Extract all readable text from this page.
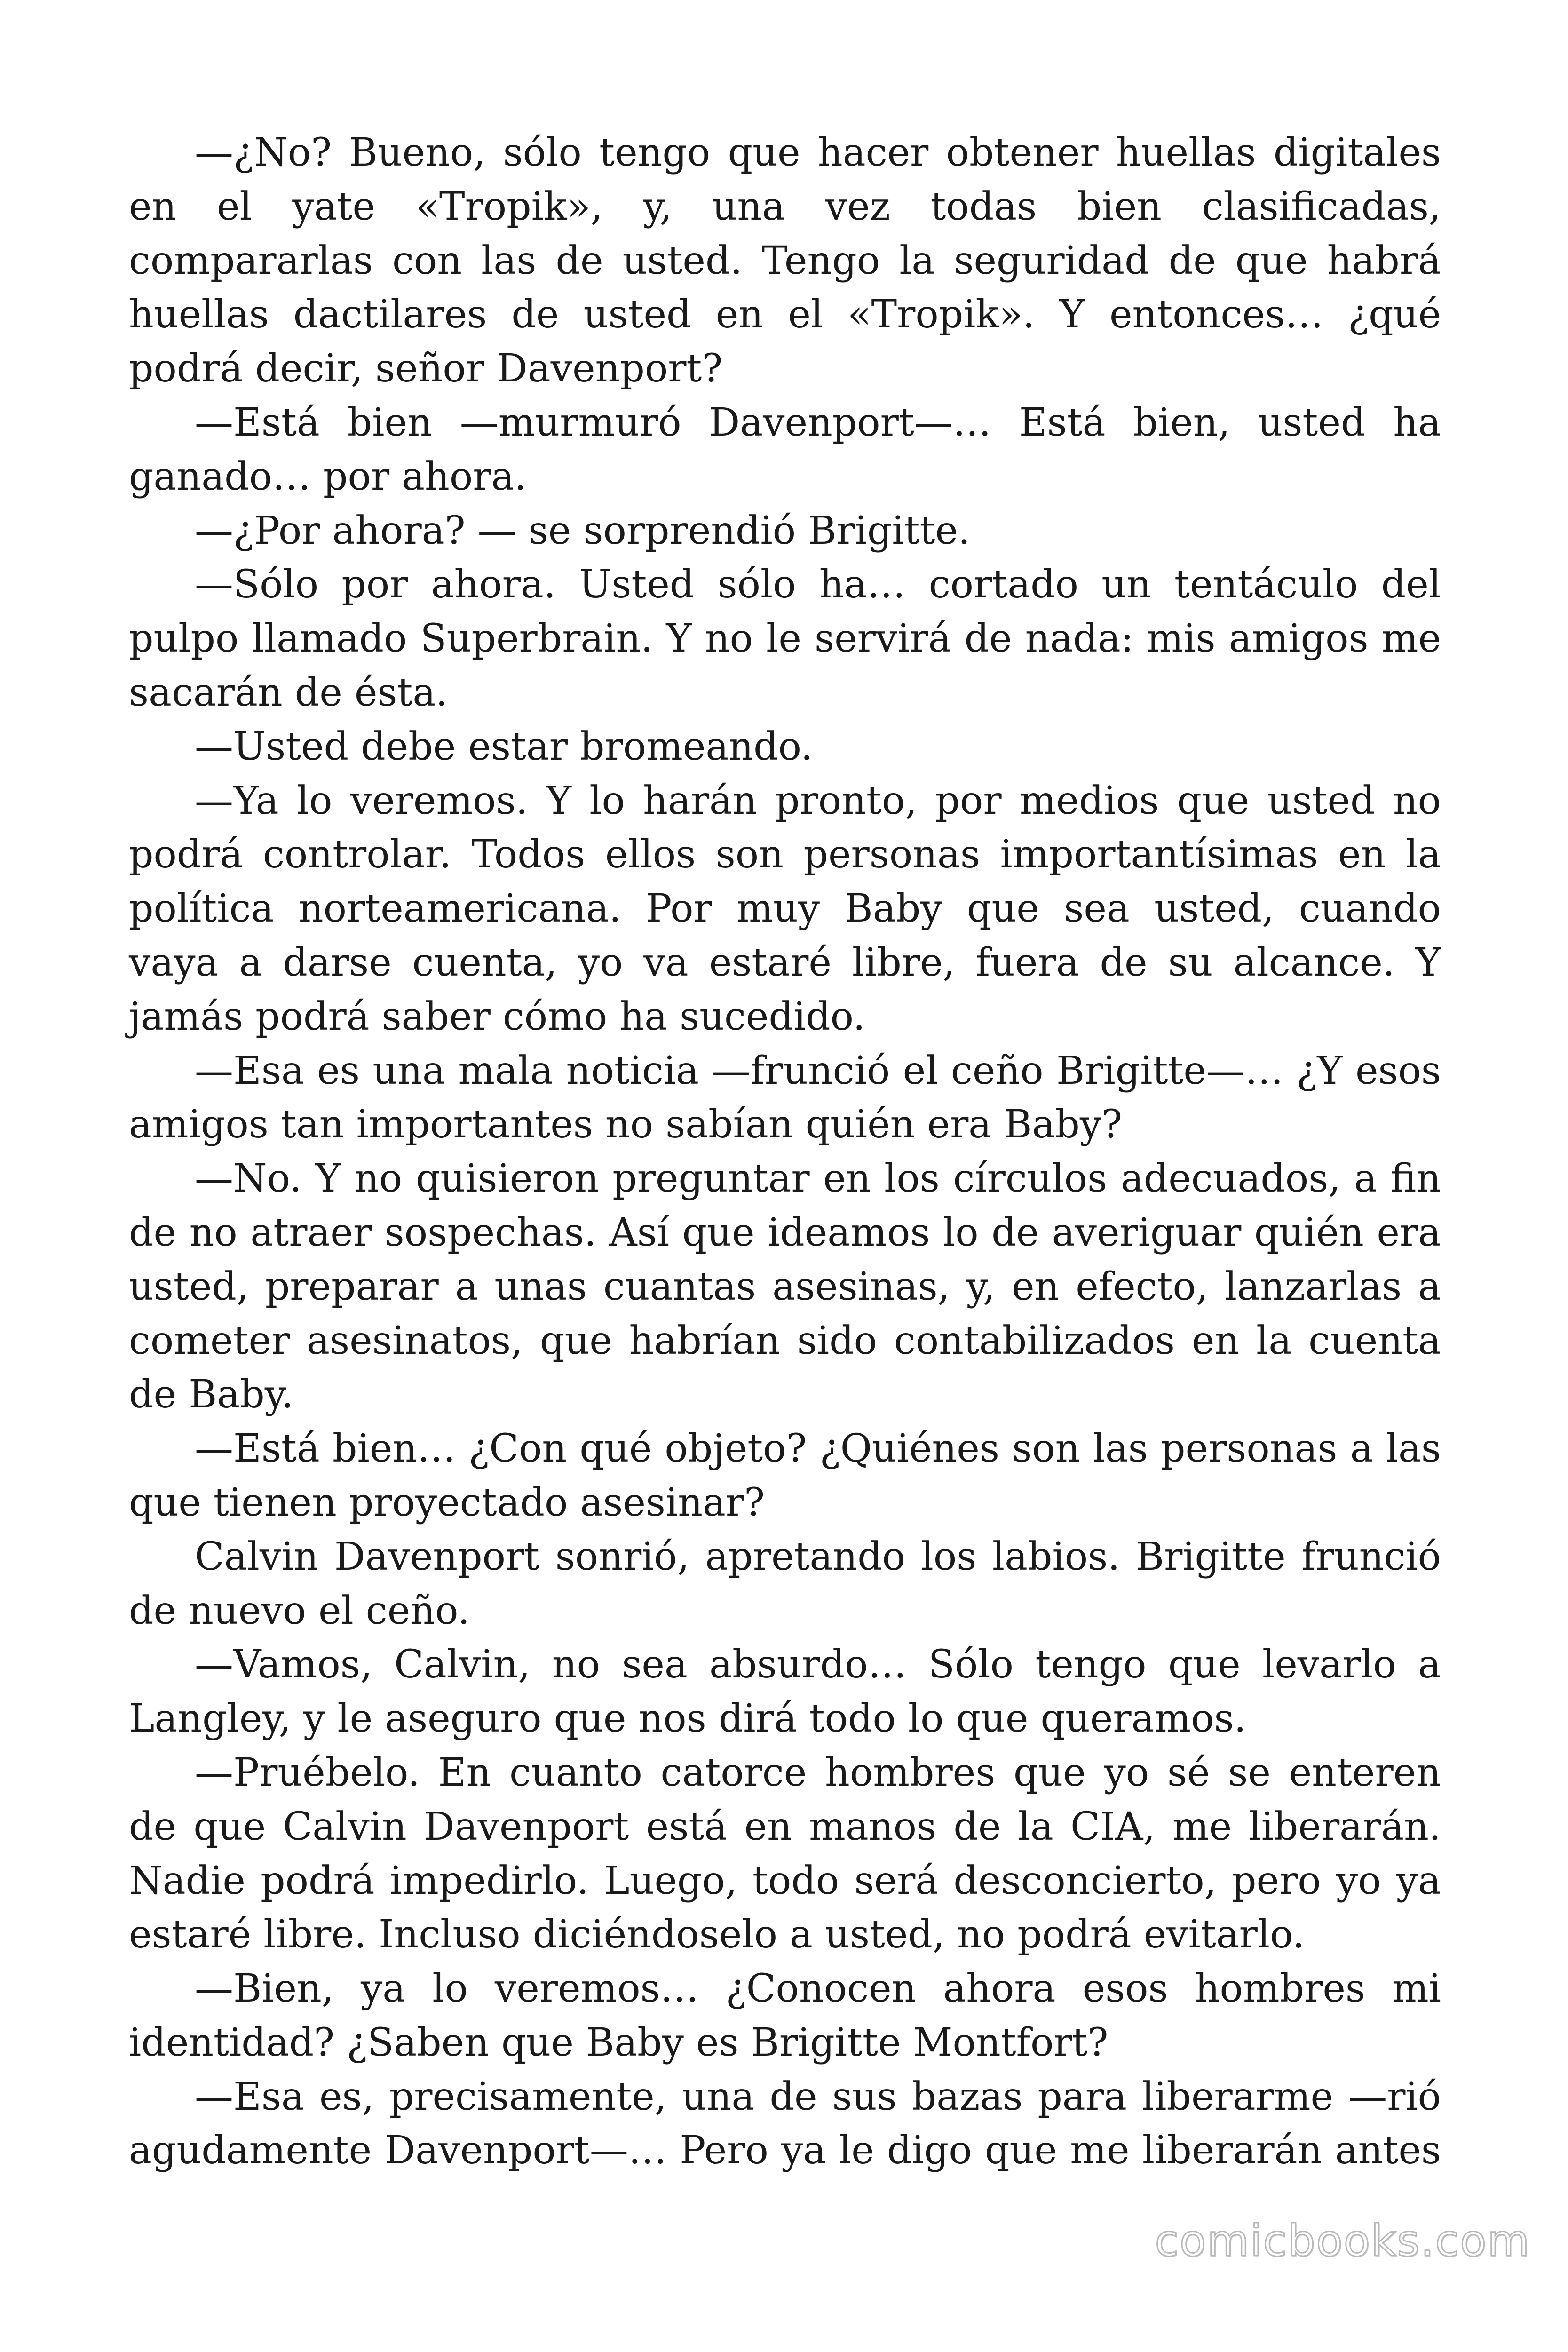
—¿No? Bueno, sólo tengo que hacer obtener huellas digitales en el yate «Tropik», y, una vez todas bien clasificadas, compararlas con las de usted. Tengo la seguridad de que habrá huellas dactilares de usted en el «Tropik». Y entonces… ¿qué podrá decir, señor Davenport?

—Está bien —murmuró Davenport—… Está bien, usted ha ganado… por ahora.

—¿Por ahora? — se sorprendió Brigitte.

—Sólo por ahora. Usted sólo ha… cortado un tentáculo del pulpo llamado Superbrain. Y no le servirá de nada: mis amigos me sacarán de ésta.

—Usted debe estar bromeando.

—Ya lo veremos. Y lo harán pronto, por medios que usted no podrá controlar. Todos ellos son personas importantísimas en la política norteamericana. Por muy Baby que sea usted, cuando vaya a darse cuenta, yo va estaré libre, fuera de su alcance. Y jamás podrá saber cómo ha sucedido.

—Esa es una mala noticia —frunció el ceño Brigitte—… ¿Y esos amigos tan importantes no sabían quién era Baby?

—No. Y no quisieron preguntar en los círculos adecuados, a fin de no atraer sospechas. Así que ideamos lo de averiguar quién era usted, preparar a unas cuantas asesinas, y, en efecto, lanzarlas a cometer asesinatos, que habrían sido contabilizados en la cuenta de Baby.

—Está bien… ¿Con qué objeto? ¿Quiénes son las personas a las que tienen proyectado asesinar?

Calvin Davenport sonrió, apretando los labios. Brigitte frunció de nuevo el ceño.

—Vamos, Calvin, no sea absurdo… Sólo tengo que levarlo a Langley, y le aseguro que nos dirá todo lo que queramos.

—Pruébelo. En cuanto catorce hombres que yo sé se enteren de que Calvin Davenport está en manos de la CIA, me liberarán. Nadie podrá impedirlo. Luego, todo será desconcierto, pero yo ya estaré libre. Incluso diciéndoselo a usted, no podrá evitarlo.

—Bien, ya lo veremos… ¿Conocen ahora esos hombres mi identidad? ¿Saben que Baby es Brigitte Montfort?

—Esa es, precisamente, una de sus bazas para liberarme —rió agudamente Davenport—… Pero ya le digo que me liberarán antes

comicbooks.com
